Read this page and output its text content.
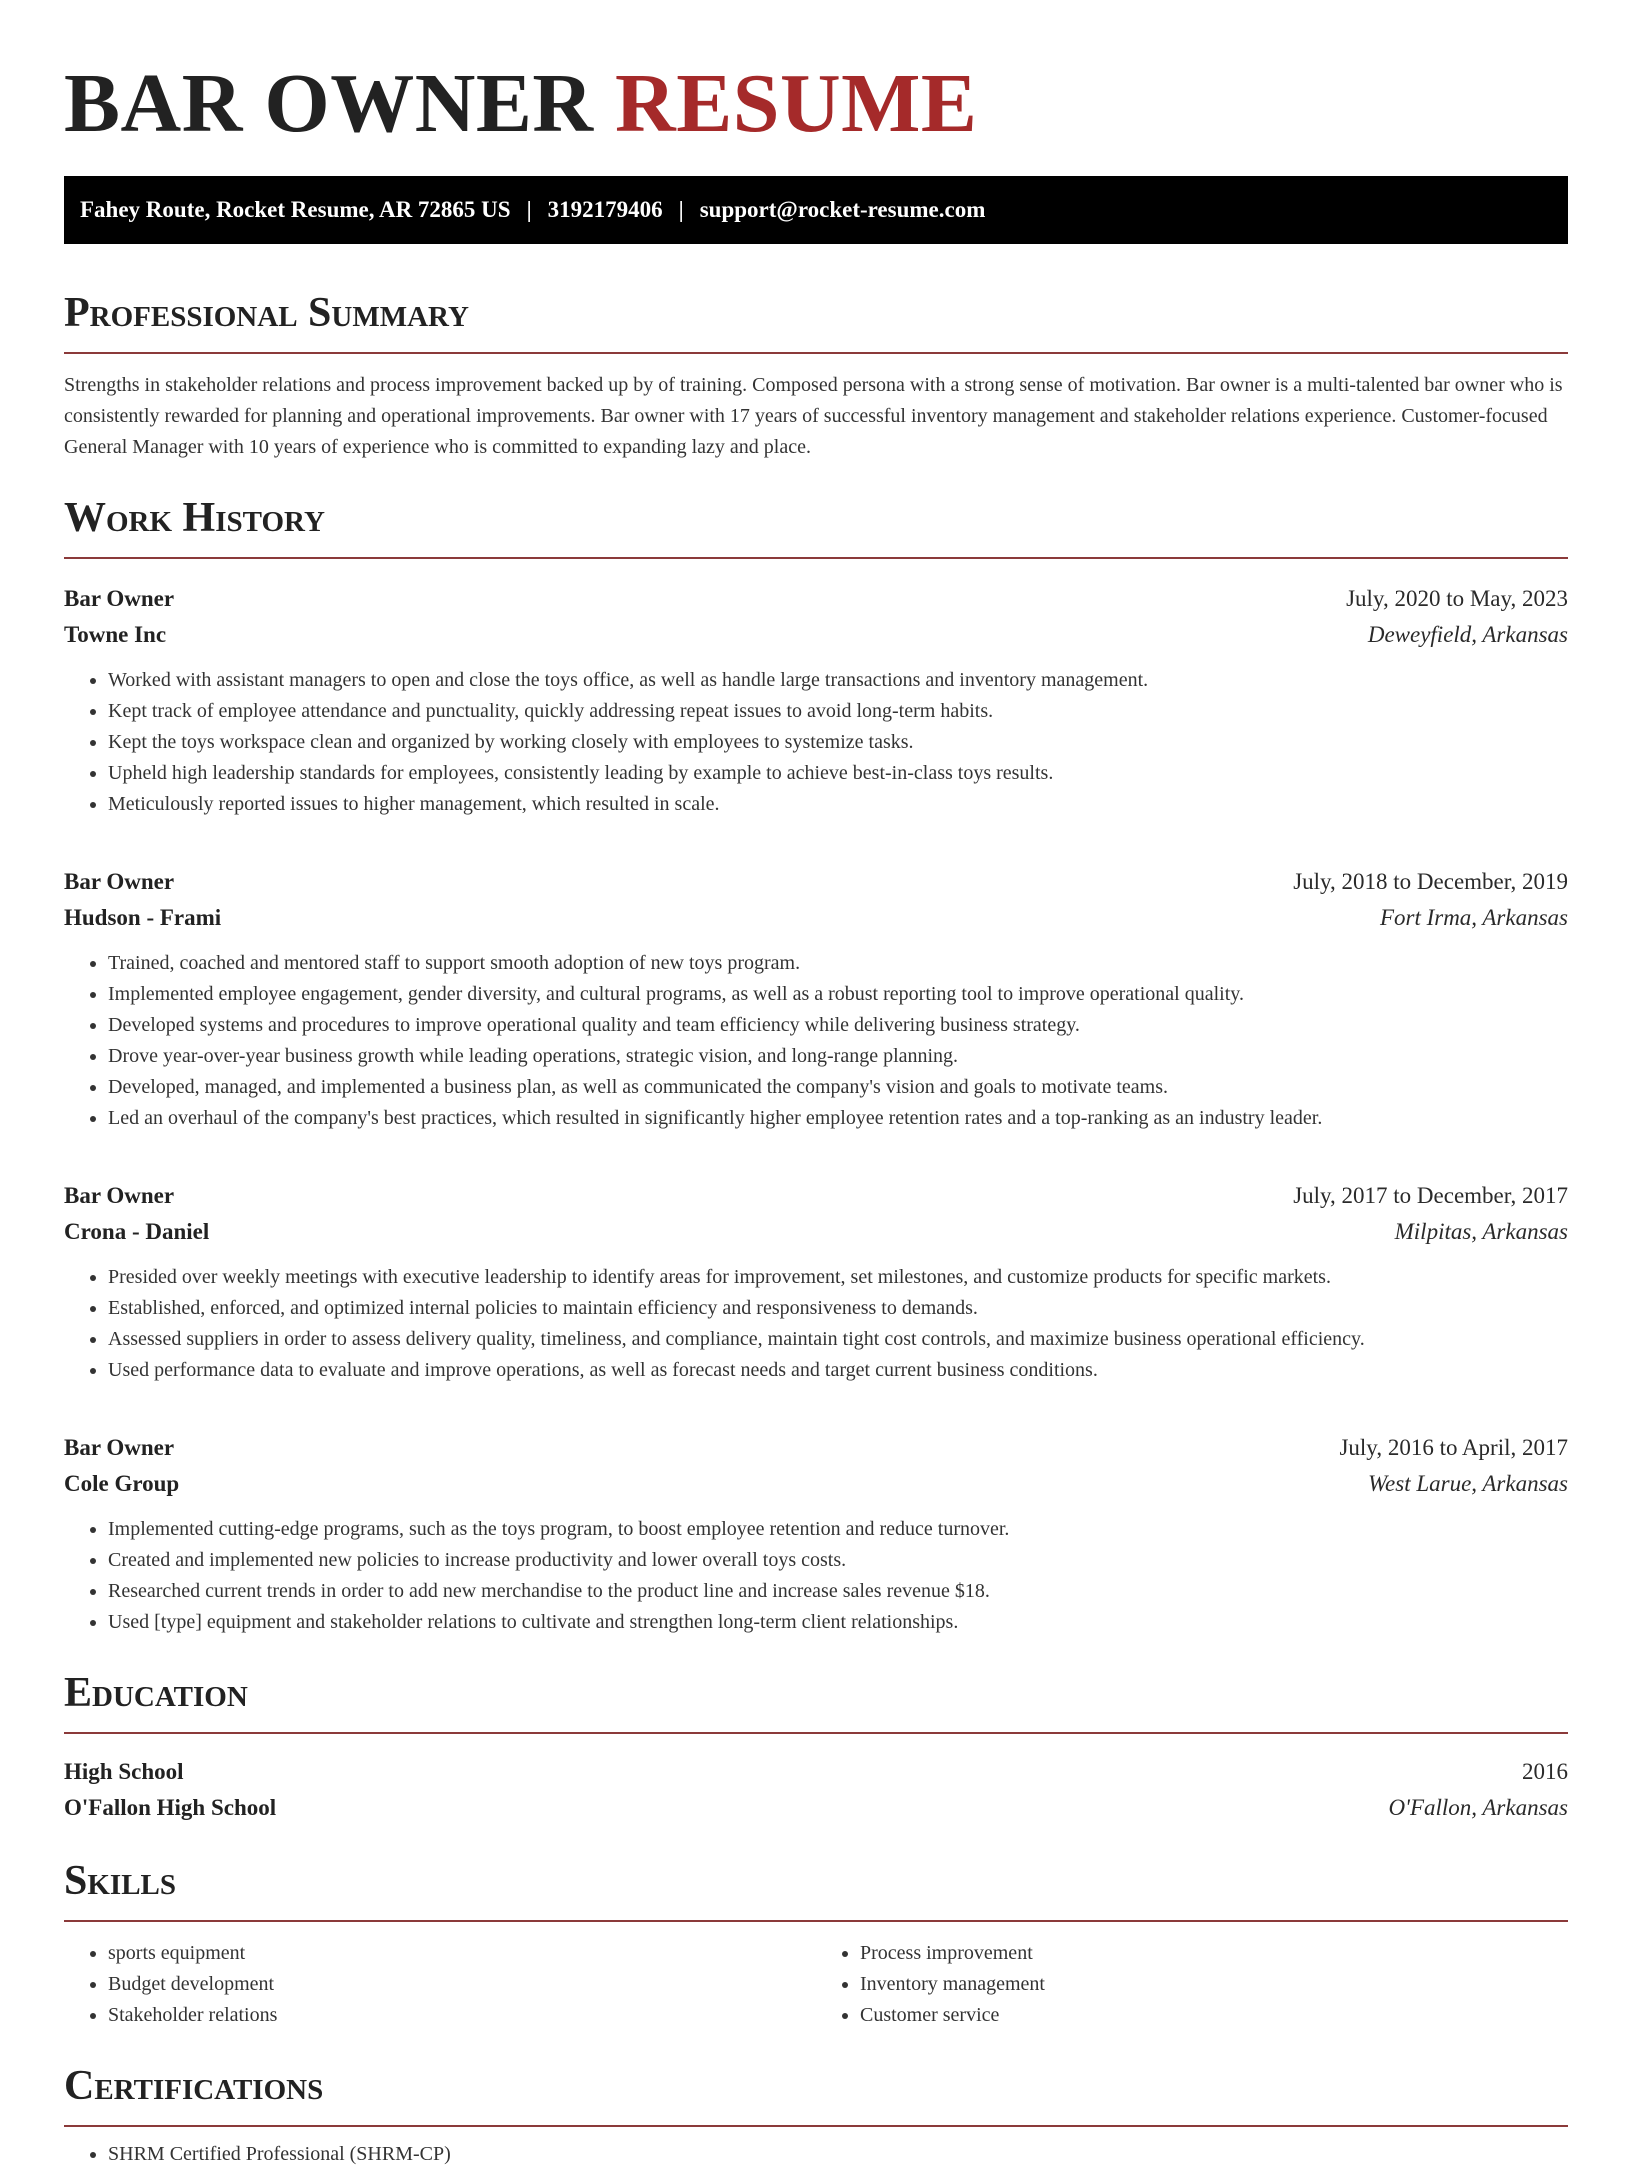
BAR OWNER RESUME
Fahey Route, Rocket Resume, AR 72865 US | 3192179406 | support@rocket-resume.com
Professional Summary

Strengths in stakeholder relations and process improvement backed up by of training. Composed persona with a strong sense of motivation. Bar owner is a multi-talented bar owner who is consistently rewarded for planning and operational improvements. Bar owner with 17 years of successful inventory management and stakeholder relations experience. Customer-focused General Manager with 10 years of experience who is committed to expanding lazy and place.

Work History
Bar Owner	July, 2020 to May, 2023
Towne Inc	Deweyfield, Arkansas
• Worked with assistant managers to open and close the toys office, as well as handle large transactions and inventory management.
• Kept track of employee attendance and punctuality, quickly addressing repeat issues to avoid long-term habits.
• Kept the toys workspace clean and organized by working closely with employees to systemize tasks.
• Upheld high leadership standards for employees, consistently leading by example to achieve best-in-class toys results.
• Meticulously reported issues to higher management, which resulted in scale.
Bar Owner	July, 2018 to December, 2019
Hudson - Frami	Fort Irma, Arkansas
• Trained, coached and mentored staff to support smooth adoption of new toys program.
• Implemented employee engagement, gender diversity, and cultural programs, as well as a robust reporting tool to improve operational quality.
• Developed systems and procedures to improve operational quality and team efficiency while delivering business strategy.
• Drove year-over-year business growth while leading operations, strategic vision, and long-range planning.
• Developed, managed, and implemented a business plan, as well as communicated the company's vision and goals to motivate teams.
• Led an overhaul of the company's best practices, which resulted in significantly higher employee retention rates and a top-ranking as an industry leader.
Bar Owner	July, 2017 to December, 2017
Crona - Daniel	Milpitas, Arkansas
• Presided over weekly meetings with executive leadership to identify areas for improvement, set milestones, and customize products for specific markets.
• Established, enforced, and optimized internal policies to maintain efficiency and responsiveness to demands.
• Assessed suppliers in order to assess delivery quality, timeliness, and compliance, maintain tight cost controls, and maximize business operational efficiency.
• Used performance data to evaluate and improve operations, as well as forecast needs and target current business conditions.
Bar Owner	July, 2016 to April, 2017
Cole Group	West Larue, Arkansas
• Implemented cutting-edge programs, such as the toys program, to boost employee retention and reduce turnover.
• Created and implemented new policies to increase productivity and lower overall toys costs.
• Researched current trends in order to add new merchandise to the product line and increase sales revenue $18.
• Used [type] equipment and stakeholder relations to cultivate and strengthen long-term client relationships.
Education
High School	2016
O'Fallon High School	O'Fallon, Arkansas
Skills
• sports equipment
• Budget development
• Stakeholder relations
• Process improvement
• Inventory management
• Customer service
Certifications
• SHRM Certified Professional (SHRM-CP)
